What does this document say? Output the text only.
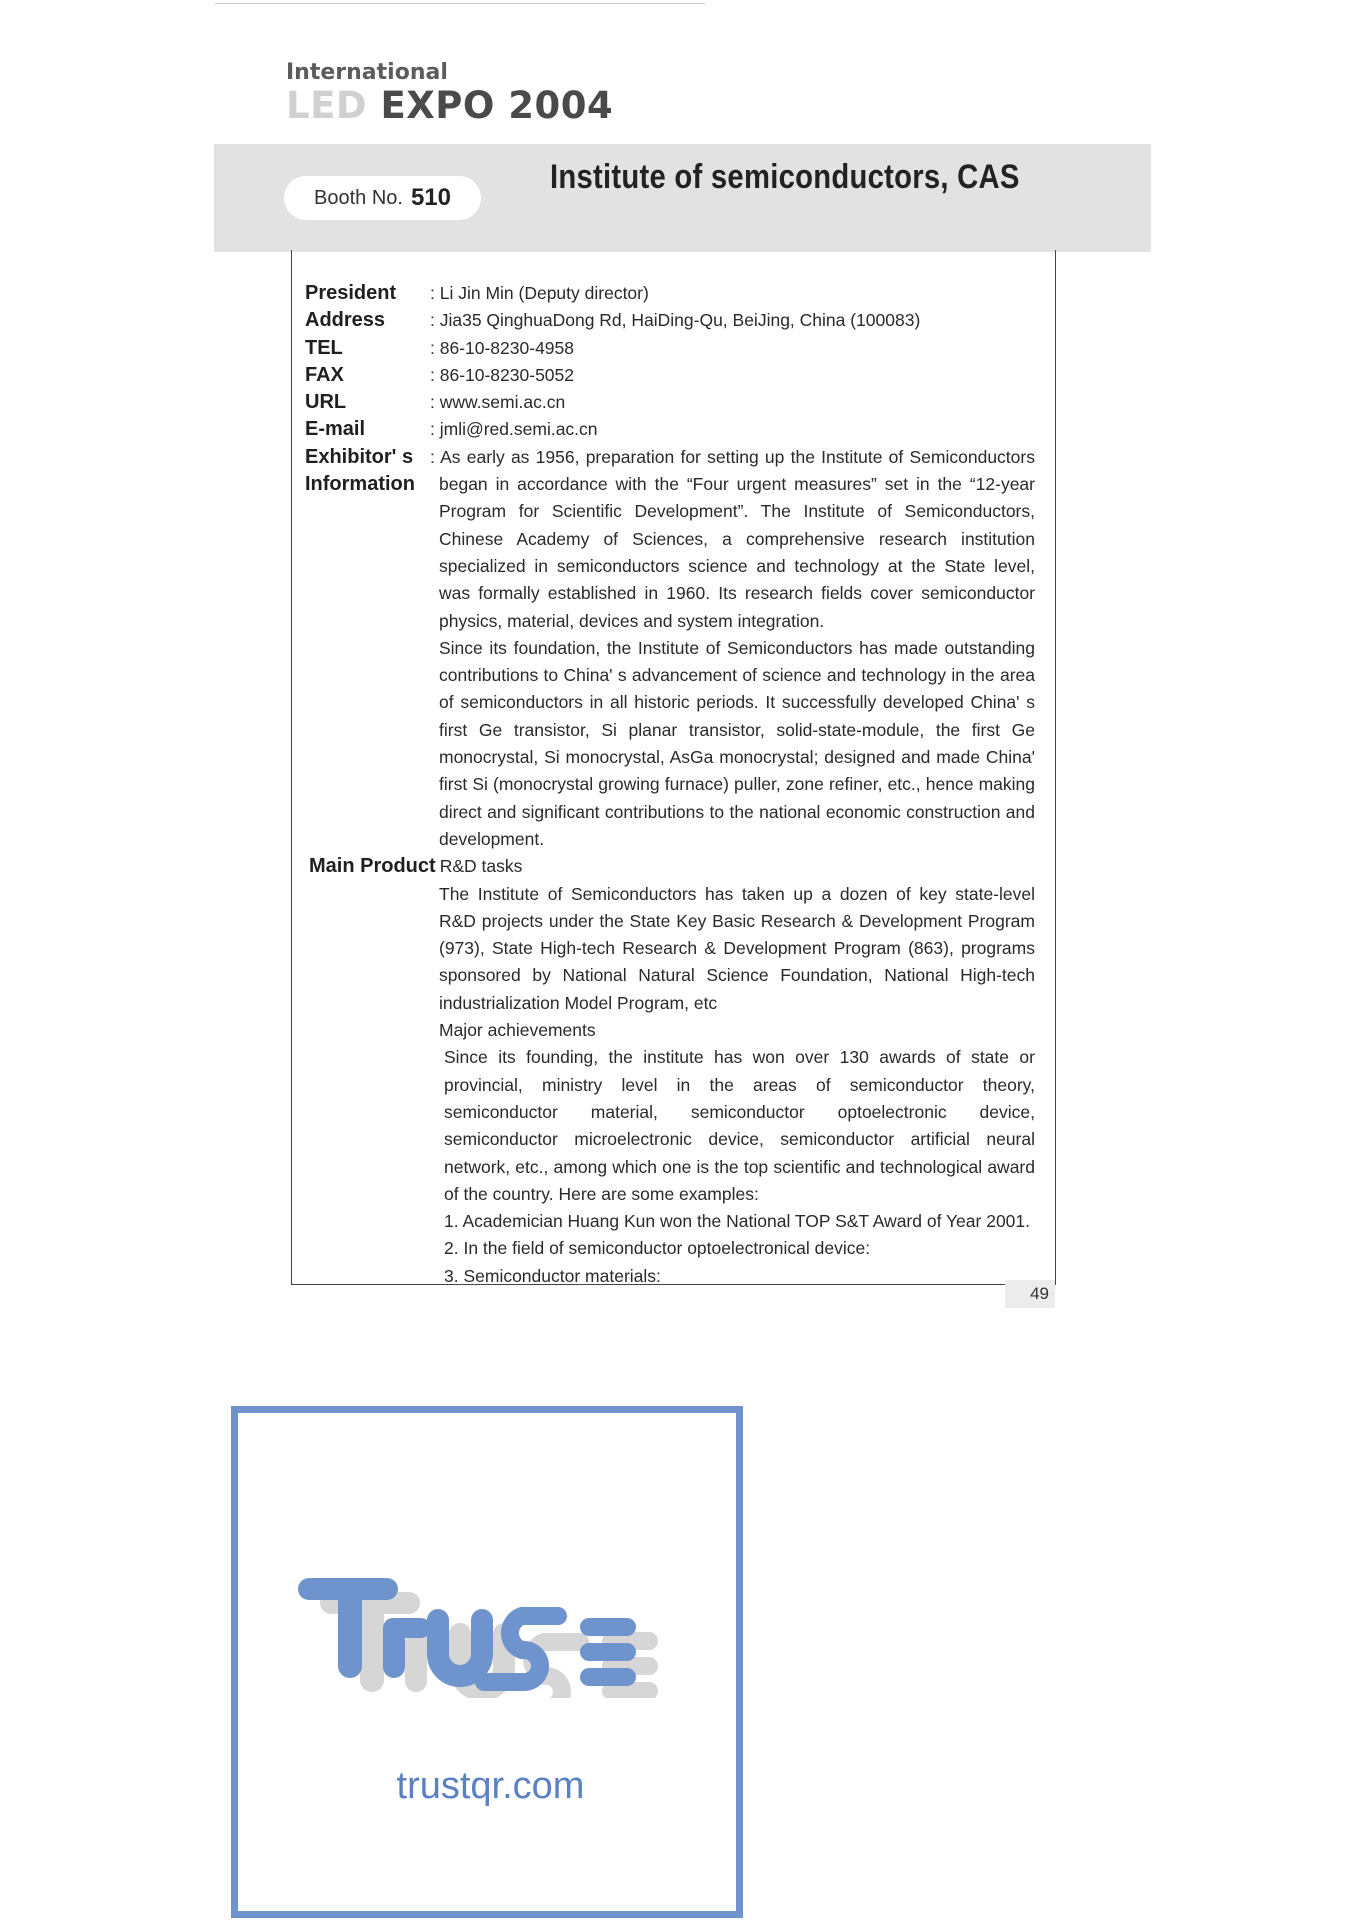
International
LED EXPO 2004
Booth No. 510
Institute of semiconductors, CAS
President : Li Jin Min (Deputy director)
Address	: Jia35 QinghuaDong Rd, HaiDing-Qu, BeiJing, China (100083)
TEL	: 86-10-8230-4958
FAX	: 86-10-8230-5052
URL	: www.semi.ac.cn
E-mail	: jmli@red.semi.ac.cn
Exhibitor' s
Information
: As early as 1956, preparation for setting up the Institute of Semiconductors began in accordance with the “Four urgent measures” set in the “12-year Program for Scientific Development”. The Institute of Semiconductors, Chinese Academy of Sciences, a comprehensive research institution specialized in semiconductors science and technology at the State level, was formally established in 1960. Its research fields cover semiconductor physics, material, devices and system integration.
Since its foundation, the Institute of Semiconductors has made outstanding contributions to China' s advancement of science and technology in the area of semiconductors in all historic periods. It successfully developed China' s first Ge transistor, Si planar transistor, solid-state-module, the first Ge monocrystal, Si monocrystal, AsGa monocrystal; designed and made China' first Si (monocrystal growing furnace) puller, zone refiner, etc., hence making direct and significant contributions to the national economic construction and development.
Main Product
: R&D tasks
The Institute of Semiconductors has taken up a dozen of key state-level R&D projects under the State Key Basic Research & Development Program (973), State High-tech Research & Development Program (863), programs sponsored by National Natural Science Foundation, National High-tech industrialization Model Program, etc
Major achievements
Since its founding, the institute has won over 130 awards of state or provincial, ministry level in the areas of semiconductor theory, semiconductor material, semiconductor optoelectronic device, semiconductor microelectronic device, semiconductor artificial neural network, etc., among which one is the top scientific and technological award of the country. Here are some examples:
1. Academician Huang Kun won the National TOP S&T Award of Year 2001.
2. In the field of semiconductor optoelectronical device:
3. Semiconductor materials:
49
trustqr.com
